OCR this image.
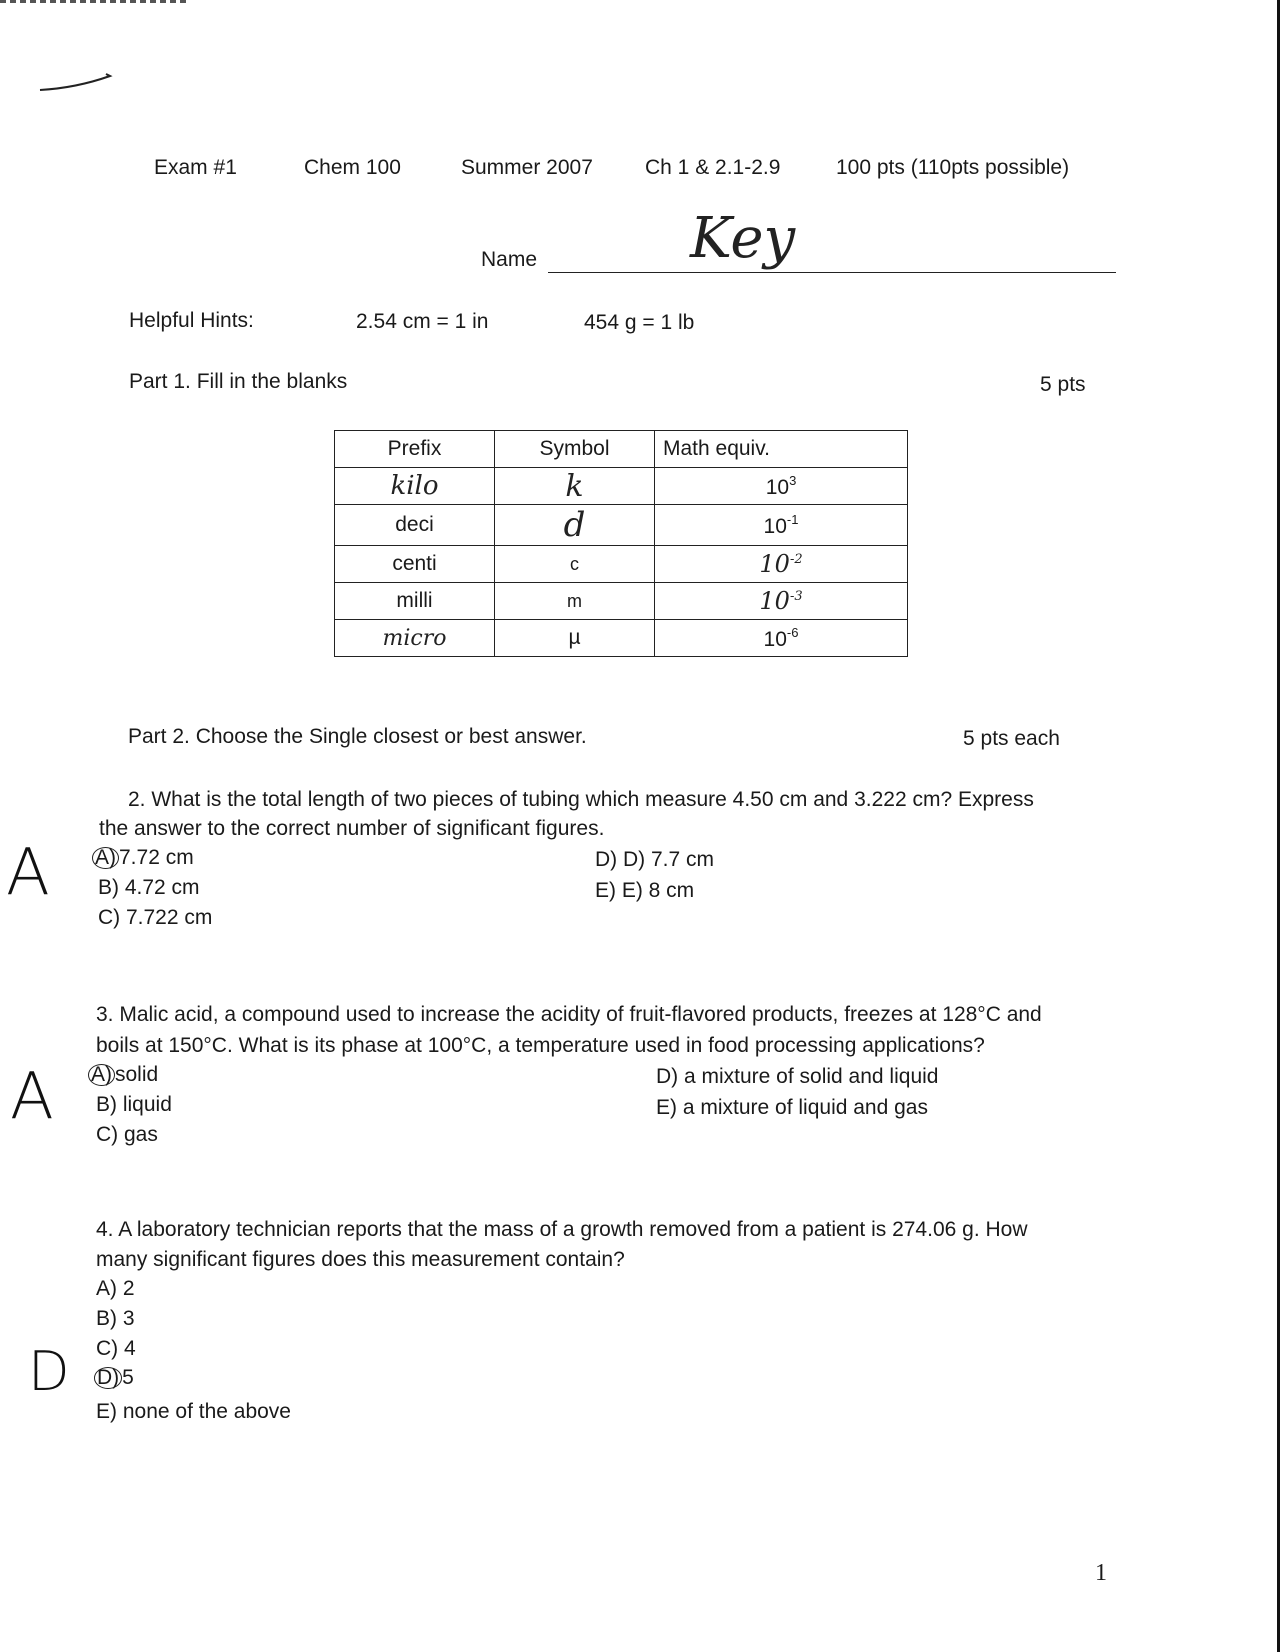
Exam #1	Chem 100	Summer 2007 Ch 1 & 2.1-2.9	100 pts (110pts possible)
Name	Key
Helpful Hints:	2.54 cm = 1 in	454 g = 1 lb
Part 1. Fill in the blanks	5 pts
Prefix	Symbol	Math equiv.
kilo	k	$10^3$
deci	d	$10^{-1}$
centi	c	$10^{-2}$
milli	m	$10^{-3}$
micro	µ	$10^{-6}$
Part 2. Choose the Single closest or best answer.	5 pts each
A
2. What is the total length of two pieces of tubing which measure 4.50 cm and 3.222 cm? Express
the answer to the correct number of significant figures.
A) 7.72 cm
B) 4.72 cm
C) 7.722 cm
D) D) 7.7 cm
E) E) 8 cm
A
3. Malic acid, a compound used to increase the acidity of fruit-flavored products, freezes at 128°C and
boils at 150°C. What is its phase at 100°C, a temperature used in food processing applications?
A) solid
B) liquid
C) gas
D) a mixture of solid and liquid
E) a mixture of liquid and gas
D
4. A laboratory technician reports that the mass of a growth removed from a patient is 274.06 g. How
many significant figures does this measurement contain?
A) 2
B) 3
C) 4
D) 5
E) none of the above
1
